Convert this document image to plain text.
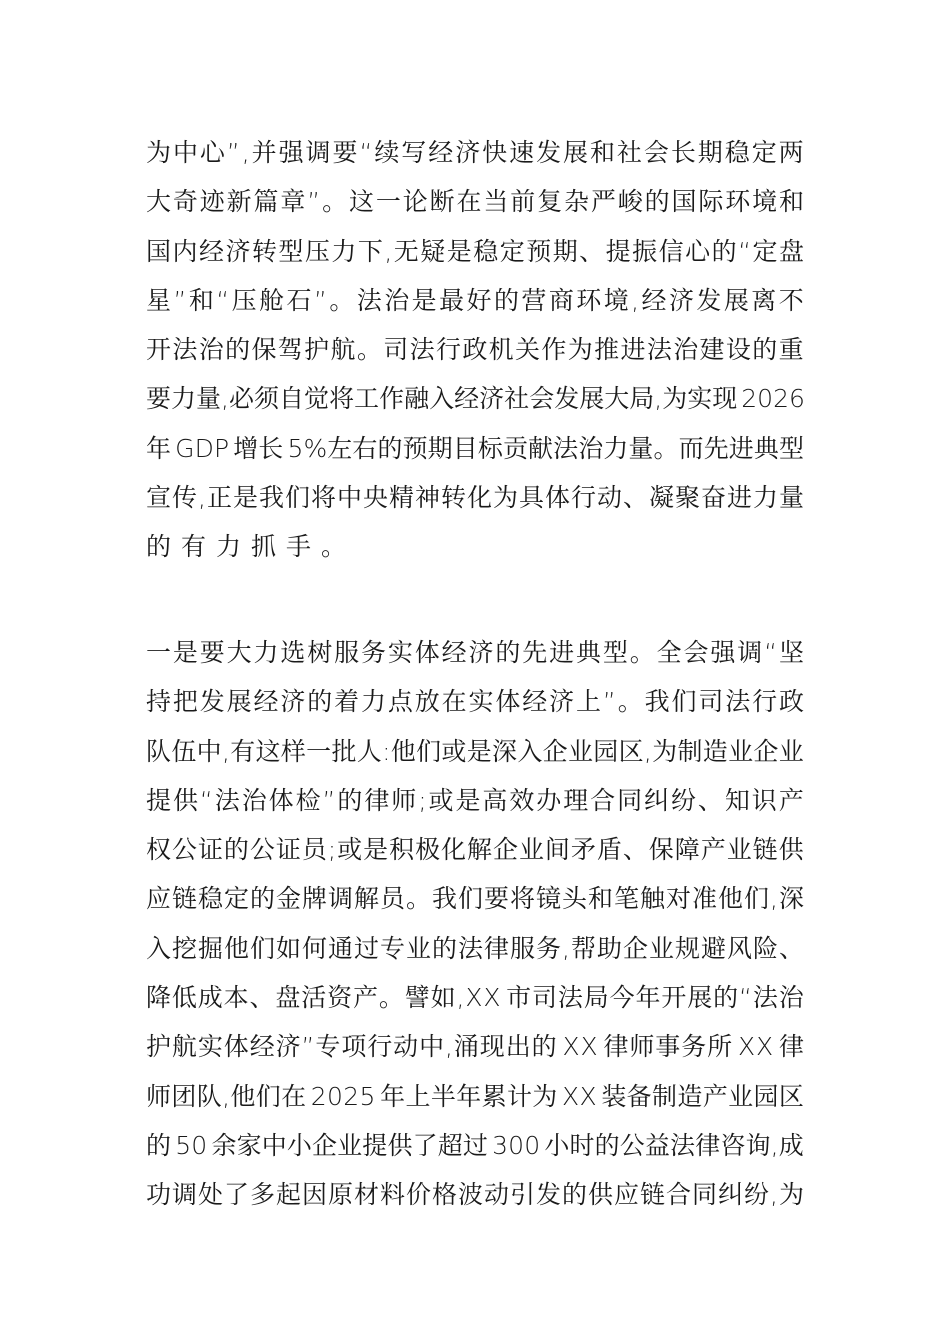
为 中 心 ” , 并 强 调 要 “ 续 写 经 济 快 速 发 展 和 社 会 长 期 稳 定 两
大 奇 迹 新 篇 章 ” 。 这 一 论 断 在 当 前 复 杂 严 峻 的 国 际 环 境 和
国 内 经 济 转 型 压 力 下 , 无 疑 是 稳 定 预 期 、 提 振 信 心 的 “ 定 盘
星 ” 和 “ 压 舱 石 ” 。 法 治 是 最 好 的 营 商 环 境 , 经 济 发 展 离 不
开 法 治 的 保 驾 护 航 。 司 法 行 政 机 关 作 为 推 进 法 治 建 设 的 重
要 力 量 , 必 须 自 觉 将 工 作 融 入 经 济 社 会 发 展 大 局 , 为 实 现
2 0 2 6
年
G D P
增 长
5 % 左 右 的 预 期 目 标 贡 献 法 治 力 量 。 而 先 进 典 型
宣 传 , 正 是 我 们 将 中 央 精 神 转 化 为 具 体 行 动 、 凝 聚 奋 进 力 量
的有力抓手。
一 是 要 大 力 选 树 服 务 实 体 经 济 的 先 进 典 型 。 全 会 强 调 “ 坚
持 把 发 展 经 济 的 着 力 点 放 在 实 体 经 济 上 ” 。 我 们 司 法 行 政
队 伍 中 , 有 这 样 一 批 人 : 他 们 或 是 深 入 企 业 园 区 , 为 制 造 业 企 业
提 供 “ 法 治 体 检 ” 的 律 师 ; 或 是 高 效 办 理 合 同 纠 纷 、 知 识 产
权 公 证 的 公 证 员 ; 或 是 积 极 化 解 企 业 间 矛 盾 、 保 障 产 业 链 供
应 链 稳 定 的 金 牌 调 解 员 。 我 们 要 将 镜 头 和 笔 触 对 准 他 们 , 深
入 挖 掘 他 们 如 何 通 过 专 业 的 法 律 服 务 , 帮 助 企 业 规 避 风 险 、
降 低 成 本 、 盘 活 资 产 。 譬 如 , X X
市 司 法 局 今 年 开 展 的 “ 法 治
护 航 实 体 经 济 ” 专 项 行 动 中 , 涌 现 出 的
X X
律 师 事 务 所
X X
律
师 团 队 , 他 们 在
2 0 2 5
年 上 半 年 累 计 为
X X
装 备 制 造 产 业 园 区
的
5 0
余 家 中 小 企 业 提 供 了 超 过
3 0 0
小 时 的 公 益 法 律 咨 询 , 成
功 调 处 了 多 起 因 原 材 料 价 格 波 动 引 发 的 供 应 链 合 同 纠 纷 , 为
